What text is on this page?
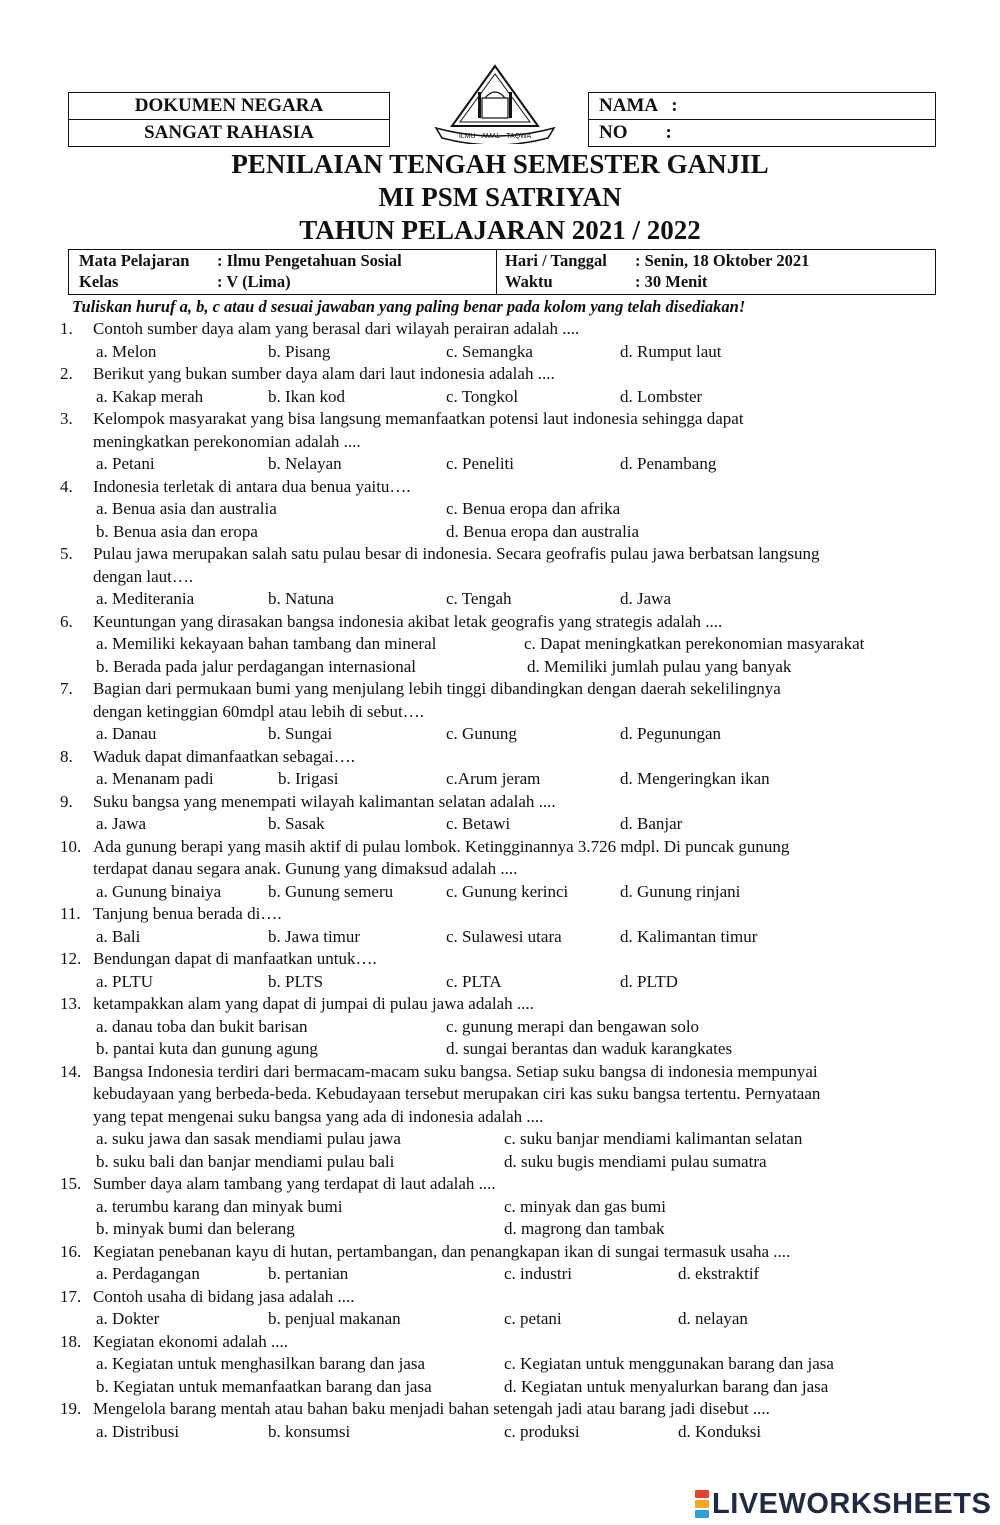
DOKUMEN NEGARA
SANGAT RAHASIA	ILMU - AMAL - TAQWA
NAMA   :
NO        :
PENILAIAN TENGAH SEMESTER GANJIL
MI PSM SATRIYAN
TAHUN PELAJARAN 2021 / 2022
Mata Pelajaran : Ilmu Pengetahuan Sosial
Kelas	: V (Lima)
Hari / Tanggal : Senin, 18 Oktober 2021
Waktu	: 30 Menit
Tuliskan huruf a, b, c atau d sesuai jawaban yang paling benar pada kolom yang telah disediakan!
1. Contoh sumber daya alam yang berasal dari wilayah perairan adalah ....
a. Melon	b. Pisang	c. Semangka	d. Rumput laut
2. Berikut yang bukan sumber daya alam dari laut indonesia adalah ....
a. Kakap merah	b. Ikan kod	c. Tongkol	d. Lombster
3. Kelompok masyarakat yang bisa langsung memanfaatkan potensi laut indonesia sehingga dapat
meningkatkan perekonomian adalah ....
a. Petani	b. Nelayan	c. Peneliti	d. Penambang
4. Indonesia terletak di antara dua benua yaitu….
a. Benua asia dan australia	c. Benua eropa dan afrika
b. Benua asia dan eropa	d. Benua eropa dan australia
5. Pulau jawa merupakan salah satu pulau besar di indonesia. Secara geofrafis pulau jawa berbatsan langsung
dengan laut….
a. Mediterania	b. Natuna	c. Tengah	d. Jawa
6. Keuntungan yang dirasakan bangsa indonesia akibat letak geografis yang strategis adalah ....
a. Memiliki kekayaan bahan tambang dan mineral	c. Dapat meningkatkan perekonomian masyarakat
b. Berada pada jalur perdagangan internasional	d. Memiliki jumlah pulau yang banyak
7. Bagian dari permukaan bumi yang menjulang lebih tinggi dibandingkan dengan daerah sekelilingnya
dengan ketinggian 60mdpl atau lebih di sebut….
a. Danau	b. Sungai	c. Gunung	d. Pegunungan
8. Waduk dapat dimanfaatkan sebagai….
a. Menanam padi	b. Irigasi	c.Arum jeram	d. Mengeringkan ikan
9. Suku bangsa yang menempati wilayah kalimantan selatan adalah ....
a. Jawa	b. Sasak	c. Betawi	d. Banjar
10. Ada gunung berapi yang masih aktif di pulau lombok. Ketingginannya 3.726 mdpl. Di puncak gunung
terdapat danau segara anak. Gunung yang dimaksud adalah ....
a. Gunung binaiya	b. Gunung semeru	c. Gunung kerinci	d. Gunung rinjani
11. Tanjung benua berada di….
a. Bali	b. Jawa timur	c. Sulawesi utara	d. Kalimantan timur
12. Bendungan dapat di manfaatkan untuk….
a. PLTU	b. PLTS	c. PLTA	d. PLTD
13. ketampakkan alam yang dapat di jumpai di pulau jawa adalah ....
a. danau toba dan bukit barisan	c. gunung merapi dan bengawan solo
b. pantai kuta dan gunung agung	d. sungai berantas dan waduk karangkates
14. Bangsa Indonesia terdiri dari bermacam-macam suku bangsa. Setiap suku bangsa di indonesia mempunyai
kebudayaan yang berbeda-beda. Kebudayaan tersebut merupakan ciri kas suku bangsa tertentu. Pernyataan
yang tepat mengenai suku bangsa yang ada di indonesia adalah ....
a. suku jawa dan sasak mendiami pulau jawa	c. suku banjar mendiami kalimantan selatan
b. suku bali dan banjar mendiami pulau bali	d. suku bugis mendiami pulau sumatra
15. Sumber daya alam tambang yang terdapat di laut adalah ....
a. terumbu karang dan minyak bumi	c. minyak dan gas bumi
b. minyak bumi dan belerang	d. magrong dan tambak
16. Kegiatan penebanan kayu di hutan, pertambangan, dan penangkapan ikan di sungai termasuk usaha ....
a. Perdagangan	b. pertanian	c. industri	d. ekstraktif
17. Contoh usaha di bidang jasa adalah ....
a. Dokter	b. penjual makanan	c. petani	d. nelayan
18. Kegiatan ekonomi adalah ....
a. Kegiatan untuk menghasilkan barang dan jasa	c. Kegiatan untuk menggunakan barang dan jasa
b. Kegiatan untuk memanfaatkan barang dan jasa	d. Kegiatan untuk menyalurkan barang dan jasa
19. Mengelola barang mentah atau bahan baku menjadi bahan setengah jadi atau barang jadi disebut ....
a. Distribusi	b. konsumsi	c. produksi	d. Konduksi
LIVEWORKSHEETS
